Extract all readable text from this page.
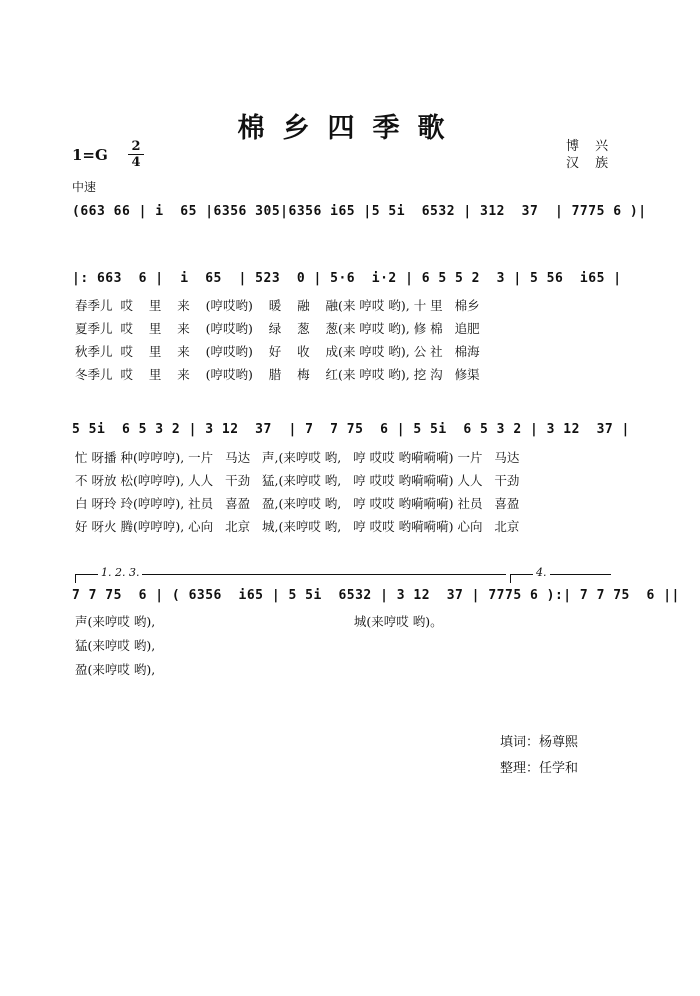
棉乡四季歌
1=G 2
4
博 兴
汉 族
中速
(663 66 | i  65 |6356 305|6356 i65 |5 5i  6532 | 312  37  | 7775 6 )|
|: 663  6 |  i  65  | 523  0 | 5·6  i·2 | 6 5 5 2  3 | 5 56  i65 |
春季儿  哎    里    来    (哼哎哟)    暖    融    融(来 哼哎 哟), 十 里   棉乡
夏季儿  哎    里    来    (哼哎哟)    绿    葱    葱(来 哼哎 哟), 修 棉   追肥
秋季儿  哎    里    来    (哼哎哟)    好    收    成(来 哼哎 哟), 公 社   棉海
冬季儿  哎    里    来    (哼哎哟)    腊    梅    红(来 哼哎 哟), 挖 沟   修渠
5 5i  6 5 3 2 | 3 12  37  | 7  7 75  6 | 5 5i  6 5 3 2 | 3 12  37 |
忙 呀播 种(哼哼哼), 一片   马达   声,(来哼哎 哟,   哼 哎哎 哟嗬嗬嗬) 一片   马达
不 呀放 松(哼哼哼), 人人   干劲   猛,(来哼哎 哟,   哼 哎哎 哟嗬嗬嗬) 人人   干劲
白 呀玲 玲(哼哼哼), 社员   喜盈   盈,(来哼哎 哟,   哼 哎哎 哟嗬嗬嗬) 社员   喜盈
好 呀火 腾(哼哼哼), 心向   北京   城,(来哼哎 哟,   哼 哎哎 哟嗬嗬嗬) 心向   北京
1. 2. 3.	4.
7 7 75  6 | ( 6356  i65 | 5 5i  6532 | 3 12  37 | 7775 6 ):| 7 7 75  6 ||
声(来哼哎 哟),                                                  城(来哼哎 哟)。
猛(来哼哎 哟),
盈(来哼哎 哟),
填词：杨尊熙
整理：任学和
